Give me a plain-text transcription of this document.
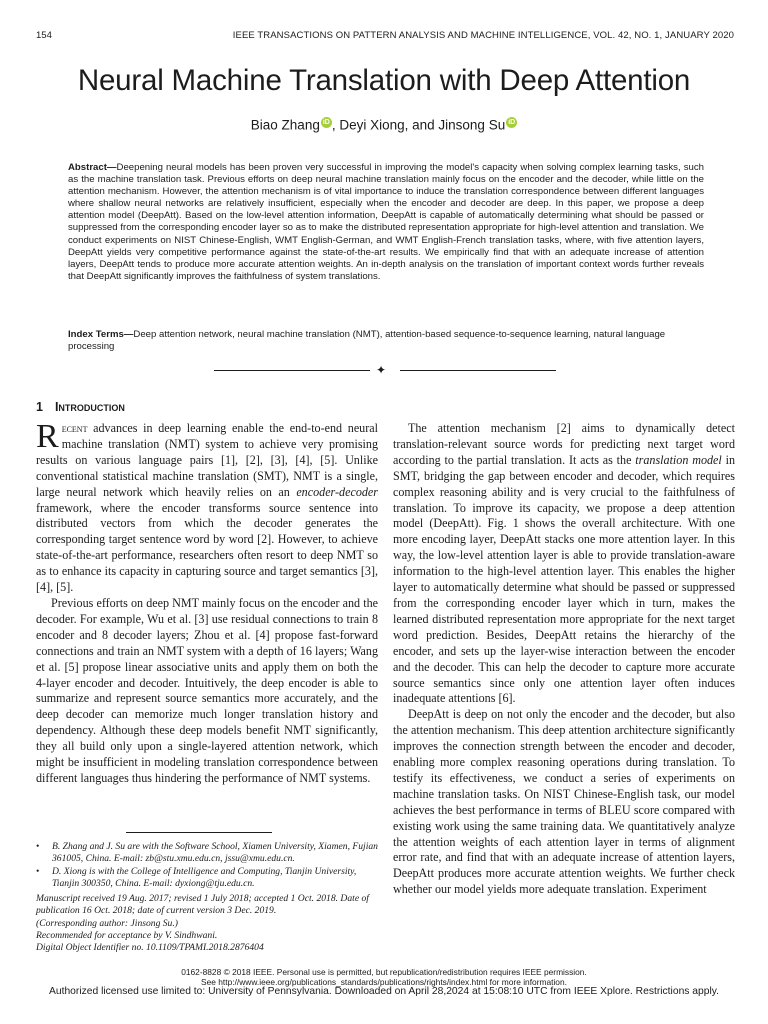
154	IEEE TRANSACTIONS ON PATTERN ANALYSIS AND MACHINE INTELLIGENCE, VOL. 42, NO. 1, JANUARY 2020
Neural Machine Translation with Deep Attention
Biao Zhang iD , Deyi Xiong, and Jinsong Su iD

Abstract—Deepening neural models has been proven very successful in improving the model's capacity when solving complex learning tasks, such as the machine translation task. Previous efforts on deep neural machine translation mainly focus on the encoder and the decoder, while little on the attention mechanism. However, the attention mechanism is of vital importance to induce the translation correspondence between different languages where shallow neural networks are relatively insufficient, especially when the encoder and decoder are deep. In this paper, we propose a deep attention model (DeepAtt). Based on the low-level attention information, DeepAtt is capable of automatically determining what should be passed or suppressed from the corresponding encoder layer so as to make the distributed representation appropriate for high-level attention and translation. We conduct experiments on NIST Chinese-English, WMT English-German, and WMT English-French translation tasks, where, with five attention layers, DeepAtt yields very competitive performance against the state-of-the-art results. We empirically find that with an adequate increase of attention layers, DeepAtt tends to produce more accurate attention weights. An in-depth analysis on the translation of important context words further reveals that DeepAtt significantly improves the faithfulness of system translations.

Index Terms—Deep attention network, neural machine translation (NMT), attention-based sequence-to-sequence learning, natural language processing

✦
1 Introduction

Recent advances in deep learning enable the end-to-end neural machine translation (NMT) system to achieve very promising results on various language pairs [1], [2], [3], [4], [5]. Unlike conventional statistical machine translation (SMT), NMT is a single, large neural network which heavily relies on an encoder-decoder framework, where the encoder transforms source sentence into distributed vectors from which the decoder generates the corresponding target sentence word by word [2]. However, to achieve state-of-the-art performance, researchers often resort to deep NMT so as to enhance its capacity in capturing source and target semantics [3], [4], [5].

Previous efforts on deep NMT mainly focus on the encoder and the decoder. For example, Wu et al. [3] use residual connections to train 8 encoder and 8 decoder layers; Zhou et al. [4] propose fast-forward connections and train an NMT system with a depth of 16 layers; Wang et al. [5] propose linear associative units and apply them on both the 4-layer encoder and decoder. Intuitively, the deep encoder is able to summarize and represent source semantics more accurately, and the deep decoder can memorize much longer translation history and dependency. Although these deep models benefit NMT significantly, they all build only upon a single-layered attention network, which might be insufficient in modeling translation correspondence between different languages thus hindering the performance of NMT systems.

• B. Zhang and J. Su are with the Software School, Xiamen University, Xiamen, Fujian 361005, China. E-mail: zb@stu.xmu.edu.cn, jssu@xmu.edu.cn.

• D. Xiong is with the College of Intelligence and Computing, Tianjin University, Tianjin 300350, China. E-mail: dyxiong@tju.edu.cn.

Manuscript received 19 Aug. 2017; revised 1 July 2018; accepted 1 Oct. 2018. Date of publication 16 Oct. 2018; date of current version 3 Dec. 2019.
(Corresponding author: Jinsong Su.)
Recommended for acceptance by V. Sindhwani.
Digital Object Identifier no. 10.1109/TPAMI.2018.2876404

The attention mechanism [2] aims to dynamically detect translation-relevant source words for predicting next target word according to the partial translation. It acts as the translation model in SMT, bridging the gap between encoder and decoder, which requires complex reasoning ability and is very crucial to the faithfulness of translation. To improve its capacity, we propose a deep attention model (DeepAtt). Fig. 1 shows the overall architecture. With one more encoding layer, DeepAtt stacks one more attention layer. In this way, the low-level attention layer is able to provide translation-aware information to the high-level attention layer. This enables the higher layer to automatically determine what should be passed or suppressed from the corresponding encoder layer which in turn, makes the learned distributed representation more appropriate for the next target word prediction. Besides, DeepAtt retains the hierarchy of the encoder, and sets up the layer-wise interaction between the encoder and the decoder. This can help the decoder to capture more accurate source semantics since only one attention layer often induces inadequate attentions [6].

DeepAtt is deep on not only the encoder and the decoder, but also the attention mechanism. This deep attention architecture significantly improves the connection strength between the encoder and decoder, enabling more complex reasoning operations during translation. To testify its effectiveness, we conduct a series of experiments on machine translation tasks. On NIST Chinese-English task, our model achieves the best performance in terms of BLEU score compared with existing work using the same training data. We quantitatively analyze the attention weights of each attention layer in terms of alignment error rate, and find that with an adequate increase of attention layers, DeepAtt produces more accurate attention weights. We further check whether our model yields more adequate translation. Experiment

0162-8828 © 2018 IEEE. Personal use is permitted, but republication/redistribution requires IEEE permission.
See http://www.ieee.org/publications_standards/publications/rights/index.html for more information.
Authorized licensed use limited to: University of Pennsylvania. Downloaded on April 28,2024 at 15:08:10 UTC from IEEE Xplore. Restrictions apply.
